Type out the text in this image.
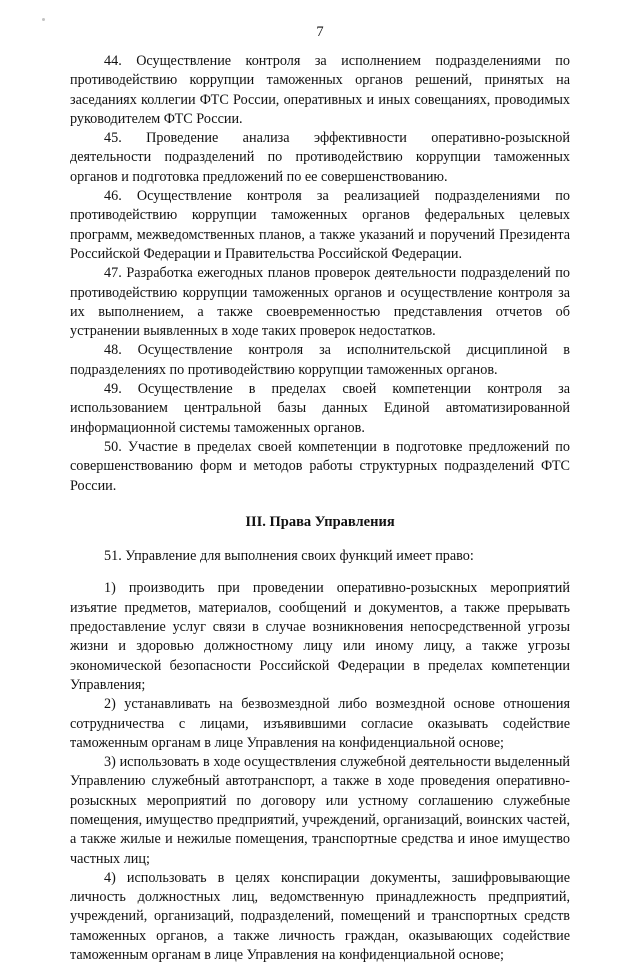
7

44. Осуществление контроля за исполнением подразделениями по противодействию коррупции таможенных органов решений, принятых на заседаниях коллегии ФТС России, оперативных и иных совещаниях, проводимых руководителем ФТС России.

45. Проведение анализа эффективности оперативно-розыскной деятельности подразделений по противодействию коррупции таможенных органов и подготовка предложений по ее совершенствованию.

46. Осуществление контроля за реализацией подразделениями по противодействию коррупции таможенных органов федеральных целевых программ, межведомственных планов, а также указаний и поручений Президента Российской Федерации и Правительства Российской Федерации.

47. Разработка ежегодных планов проверок деятельности подразделений по противодействию коррупции таможенных органов и осуществление контроля за их выполнением, а также своевременностью представления отчетов об устранении выявленных в ходе таких проверок недостатков.

48. Осуществление контроля за исполнительской дисциплиной в подразделениях по противодействию коррупции таможенных органов.

49. Осуществление в пределах своей компетенции контроля за использованием центральной базы данных Единой автоматизированной информационной системы таможенных органов.

50. Участие в пределах своей компетенции в подготовке предложений по совершенствованию форм и методов работы структурных подразделений ФТС России.

III. Права Управления

51. Управление для выполнения своих функций имеет право:

1) производить при проведении оперативно-розыскных мероприятий изъятие предметов, материалов, сообщений и документов, а также прерывать предоставление услуг связи в случае возникновения непосредственной угрозы жизни и здоровью должностному лицу или иному лицу, а также угрозы экономической безопасности Российской Федерации в пределах компетенции Управления;

2) устанавливать на безвозмездной либо возмездной основе отношения сотрудничества с лицами, изъявившими согласие оказывать содействие таможенным органам в лице Управления на конфиденциальной основе;

3) использовать в ходе осуществления служебной деятельности выделенный Управлению служебный автотранспорт, а также в ходе проведения оперативно-розыскных мероприятий по договору или устному соглашению служебные помещения, имущество предприятий, учреждений, организаций, воинских частей, а также жилые и нежилые помещения, транспортные средства и иное имущество частных лиц;

4) использовать в целях конспирации документы, зашифровывающие личность должностных лиц, ведомственную принадлежность предприятий, учреждений, организаций, подразделений, помещений и транспортных средств таможенных органов, а также личность граждан, оказывающих содействие таможенным органам в лице Управления на конфиденциальной основе;
